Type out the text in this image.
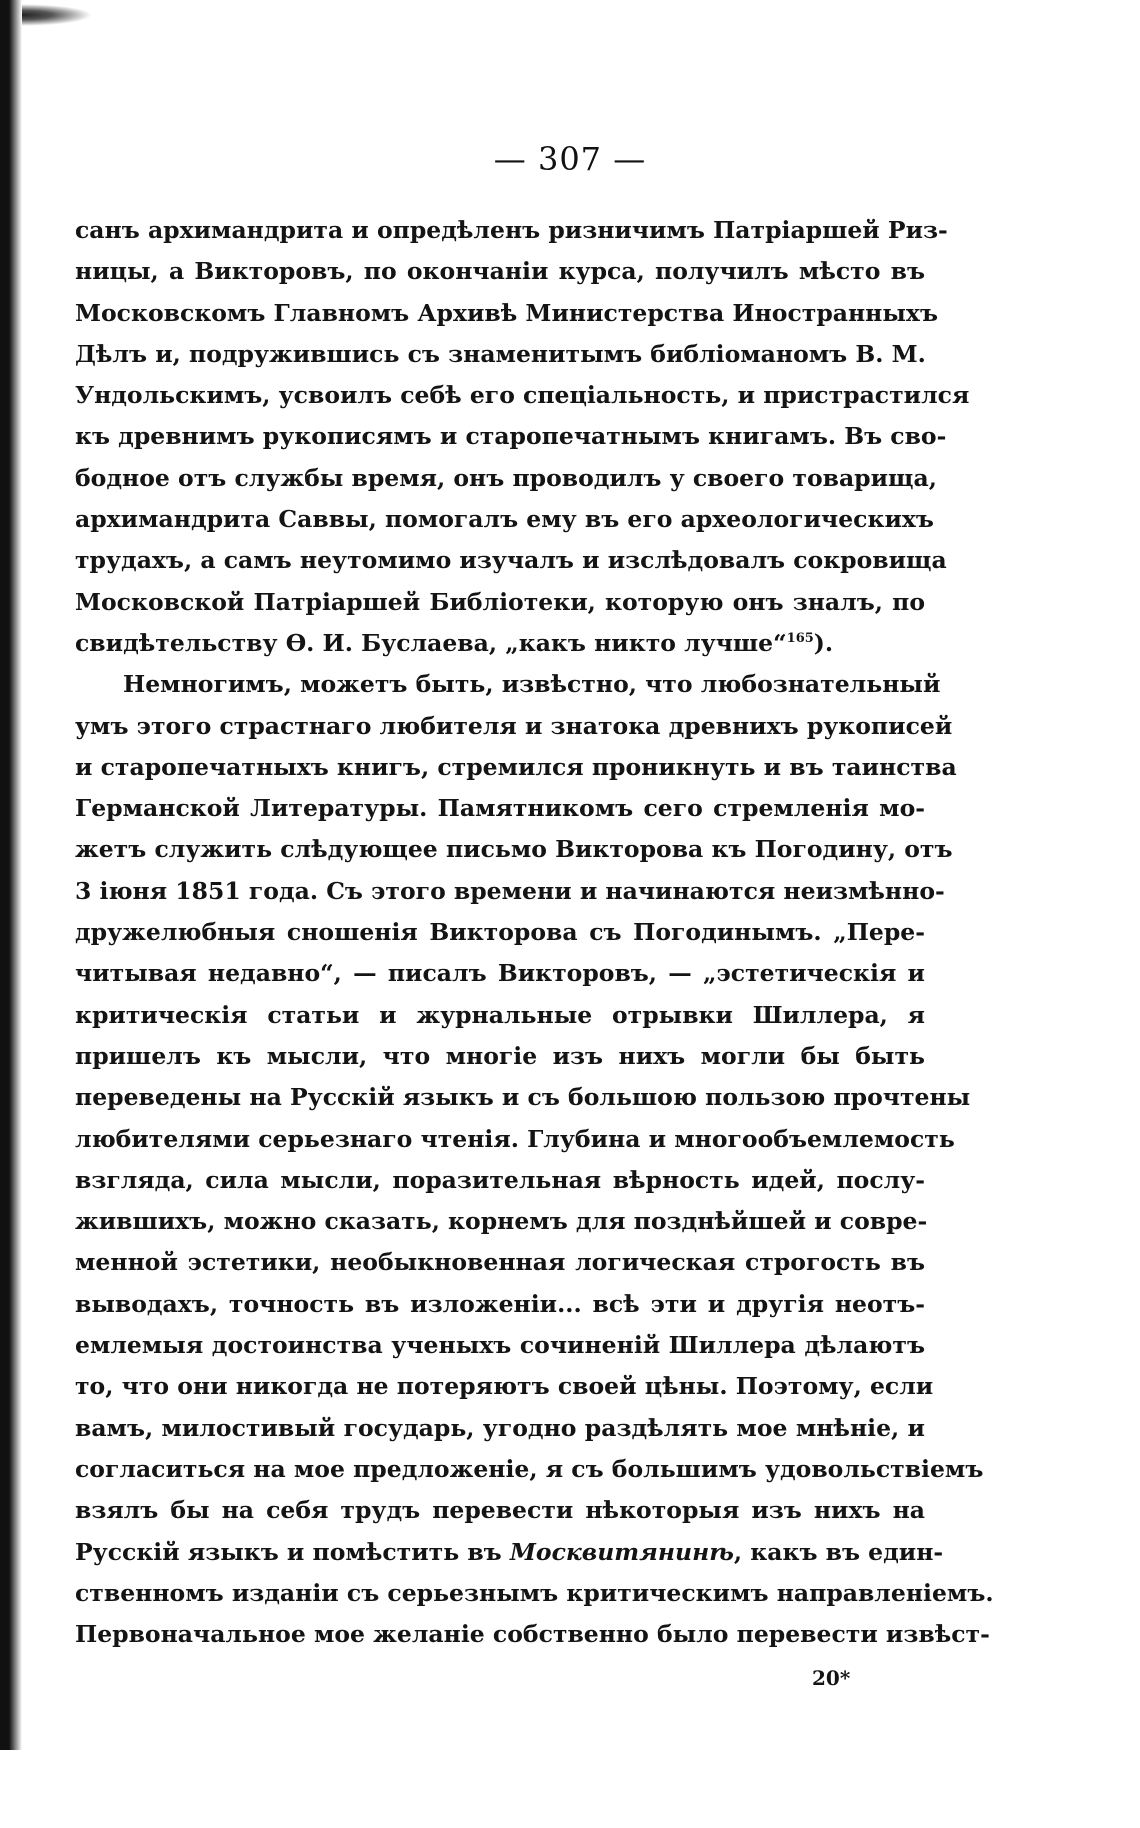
— 307 —
санъ архимандрита и опредѣленъ ризничимъ Патріаршей Риз-
ницы, а Викторовъ, по окончаніи курса, получилъ мѣсто въ
Московскомъ Главномъ Архивѣ Министерства Иностранныхъ
Дѣлъ и, подружившись съ знаменитымъ библіоманомъ В. М.
Ундольскимъ, усвоилъ себѣ его спеціальность, и пристрастился
къ древнимъ рукописямъ и старопечатнымъ книгамъ. Въ сво-
бодное отъ службы время, онъ проводилъ у своего товарища,
архимандрита Саввы, помогалъ ему въ его археологическихъ
трудахъ, а самъ неутомимо изучалъ и изслѣдовалъ сокровища
Московской Патріаршей Библіотеки, которую онъ зналъ, по
свидѣтельству Ѳ. И. Буслаева, „какъ никто лучше“$^{165}$).
Немногимъ, можетъ быть, извѣстно, что любознательный
умъ этого страстнаго любителя и знатока древнихъ рукописей
и старопечатныхъ книгъ, стремился проникнуть и въ таинства
Германской Литературы. Памятникомъ сего стремленія мо-
жетъ служить слѣдующее письмо Викторова къ Погодину, отъ
3 іюня 1851 года. Съ этого времени и начинаются неизмѣнно-
дружелюбныя сношенія Викторова съ Погодинымъ. „Пере-
читывая недавно“, — писалъ Викторовъ, — „эстетическія и
критическія статьи и журнальные отрывки Шиллера, я
пришелъ къ мысли, что многіе изъ нихъ могли бы быть
переведены на Русскій языкъ и съ большою пользою прочтены
любителями серьезнаго чтенія. Глубина и многообъемлемость
взгляда, сила мысли, поразительная вѣрность идей, послу-
жившихъ, можно сказать, корнемъ для позднѣйшей и совре-
менной эстетики, необыкновенная логическая строгость въ
выводахъ, точность въ изложеніи... всѣ эти и другія неотъ-
емлемыя достоинства ученыхъ сочиненій Шиллера дѣлаютъ
то, что они никогда не потеряютъ своей цѣны. Поэтому, если
вамъ, милостивый государь, угодно раздѣлять мое мнѣніе, и
согласиться на мое предложеніе, я съ большимъ удовольствіемъ
взялъ бы на себя трудъ перевести нѣкоторыя изъ нихъ на
Русскій языкъ и помѣстить въ Москвитянинѣ, какъ въ един-
ственномъ изданіи съ серьезнымъ критическимъ направленіемъ.
Первоначальное мое желаніе собственно было перевести извѣст-
20*
